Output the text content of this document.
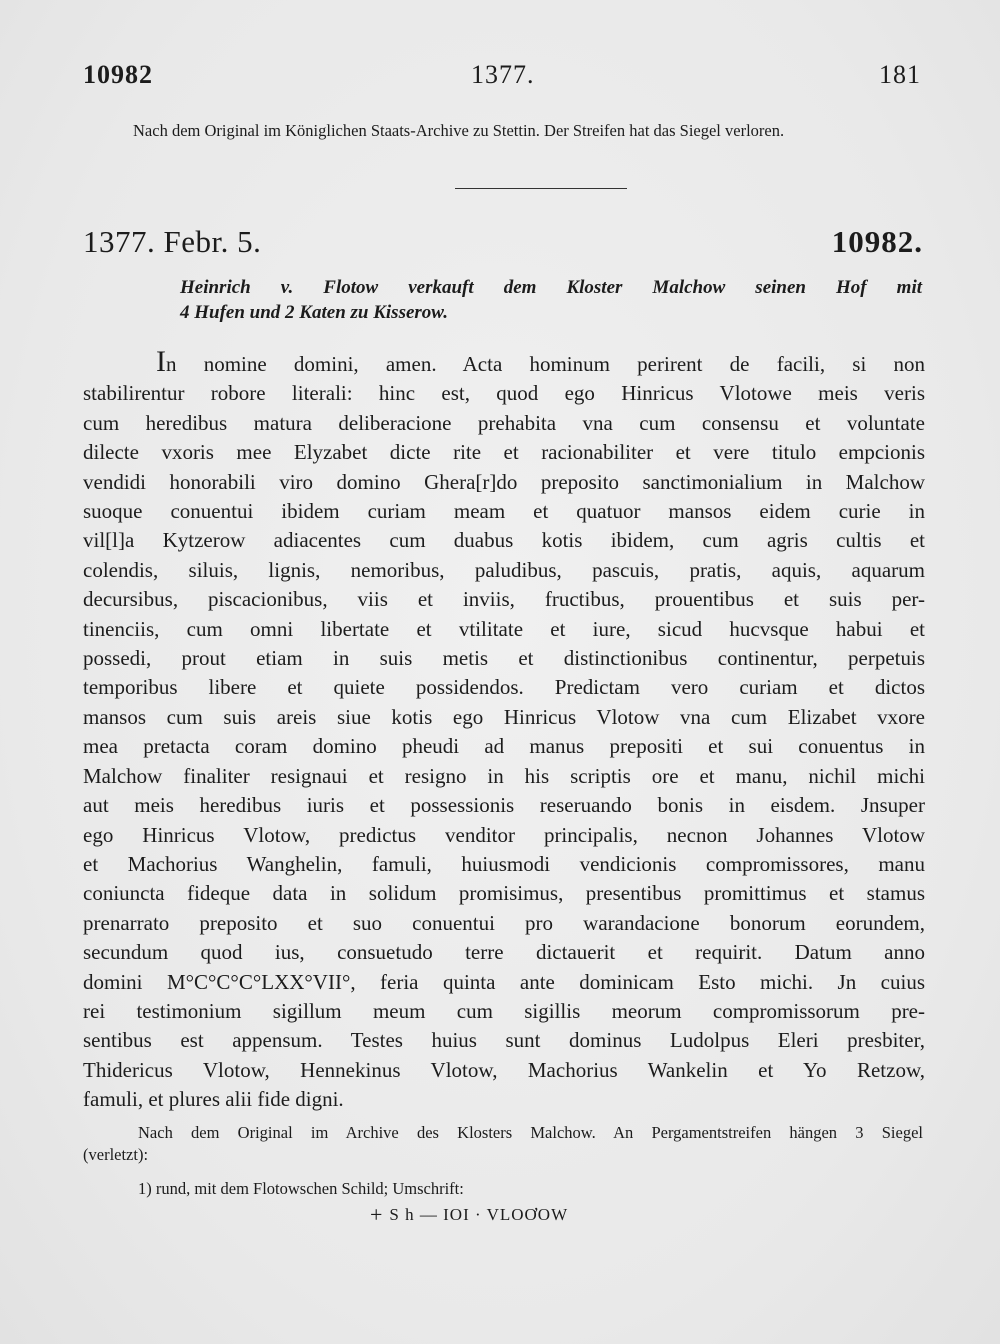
10982	1377.	181
Nach dem Original im Königlichen Staats-Archive zu Stettin. Der Streifen hat das Siegel verloren.
1377. Febr. 5.	10982.
Heinrich v. Flotow verkauft dem Kloster Malchow seinen Hof mit
4 Hufen und 2 Katen zu Kisserow.
In nomine domini, amen. Acta hominum perirent de facili, si non
stabilirentur robore literali: hinc est, quod ego Hinricus Vlotowe meis veris
cum heredibus matura deliberacione prehabita vna cum consensu et voluntate
dilecte vxoris mee Elyzabet dicte rite et racionabiliter et vere titulo empcionis
vendidi honorabili viro domino Ghera[r]do preposito sanctimonialium in Malchow
suoque conuentui ibidem curiam meam et quatuor mansos eidem curie in
vil[l]a Kytzerow adiacentes cum duabus kotis ibidem, cum agris cultis et
colendis, siluis, lignis, nemoribus, paludibus, pascuis, pratis, aquis, aquarum
decursibus, piscacionibus, viis et inviis, fructibus, prouentibus et suis per-
tinenciis, cum omni libertate et vtilitate et iure, sicud hucvsque habui et
possedi, prout etiam in suis metis et distinctionibus continentur, perpetuis
temporibus libere et quiete possidendos. Predictam vero curiam et dictos
mansos cum suis areis siue kotis ego Hinricus Vlotow vna cum Elizabet vxore
mea pretacta coram domino pheudi ad manus prepositi et sui conuentus in
Malchow finaliter resignaui et resigno in his scriptis ore et manu, nichil michi
aut meis heredibus iuris et possessionis reseruando bonis in eisdem. Jnsuper
ego Hinricus Vlotow, predictus venditor principalis, necnon Johannes Vlotow
et Machorius Wanghelin, famuli, huiusmodi vendicionis compromissores, manu
coniuncta fideque data in solidum promisimus, presentibus promittimus et stamus
prenarrato preposito et suo conuentui pro warandacione bonorum eorundem,
secundum quod ius, consuetudo terre dictauerit et requirit. Datum anno
domini M°C°C°C°LXX°VII°, feria quinta ante dominicam Esto michi. Jn cuius
rei testimonium sigillum meum cum sigillis meorum compromissorum pre-
sentibus est appensum. Testes huius sunt dominus Ludolpus Eleri presbiter,
Thidericus Vlotow, Hennekinus Vlotow, Machorius Wankelin et Yo Retzow,
famuli, et plures alii fide digni.
Nach dem Original im Archive des Klosters Malchow. An Pergamentstreifen hängen 3 Siegel
(verletzt):
1) rund, mit dem Flotowschen Schild; Umschrift:
+ S h — IOI · VLOƠOW
